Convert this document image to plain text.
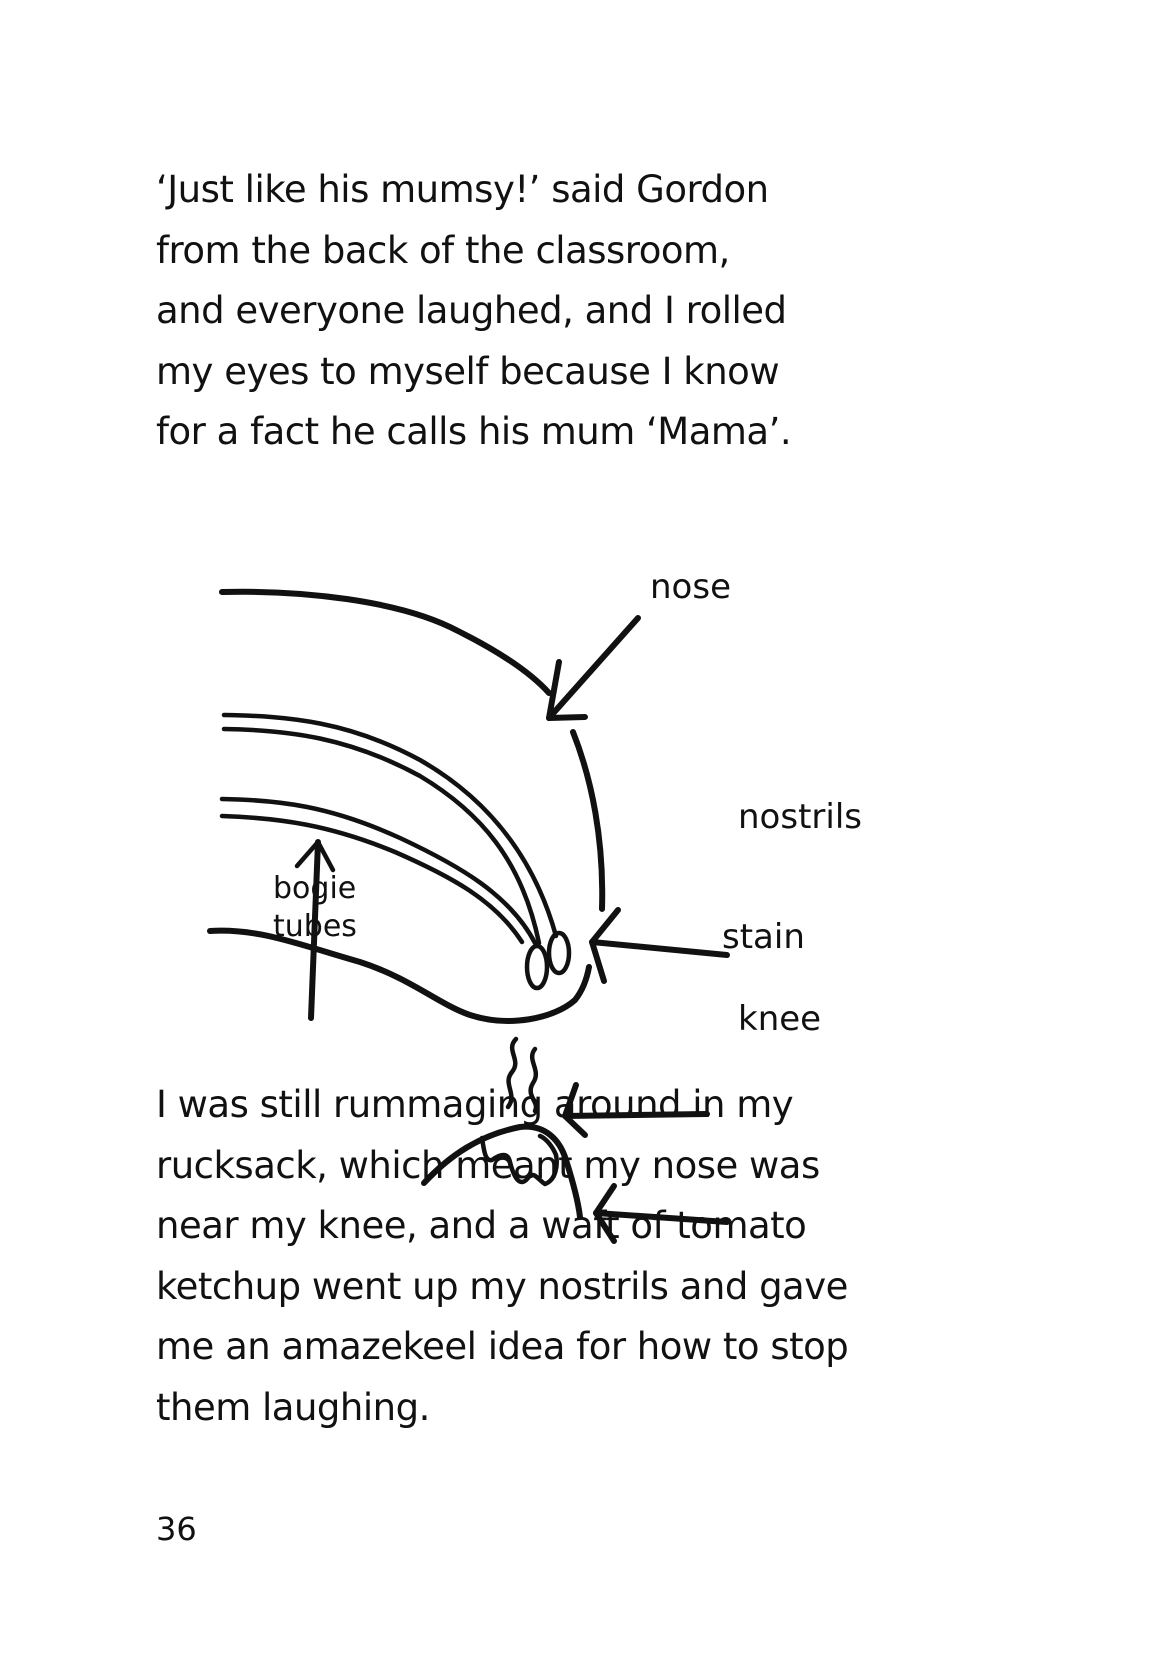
‘Just like his mumsy!’ said Gordon
from the back of the classroom,
and everyone laughed, and I rolled
my eyes to myself because I know
for a fact he calls his mum ‘Mama’.
nose
nostrils
bogie
tubes	stain
knee
I was still rummaging around in my
rucksack, which meant my nose was
near my knee, and a waft of tomato
ketchup went up my nostrils and gave
me an amazekeel idea for how to stop
them laughing.
36
